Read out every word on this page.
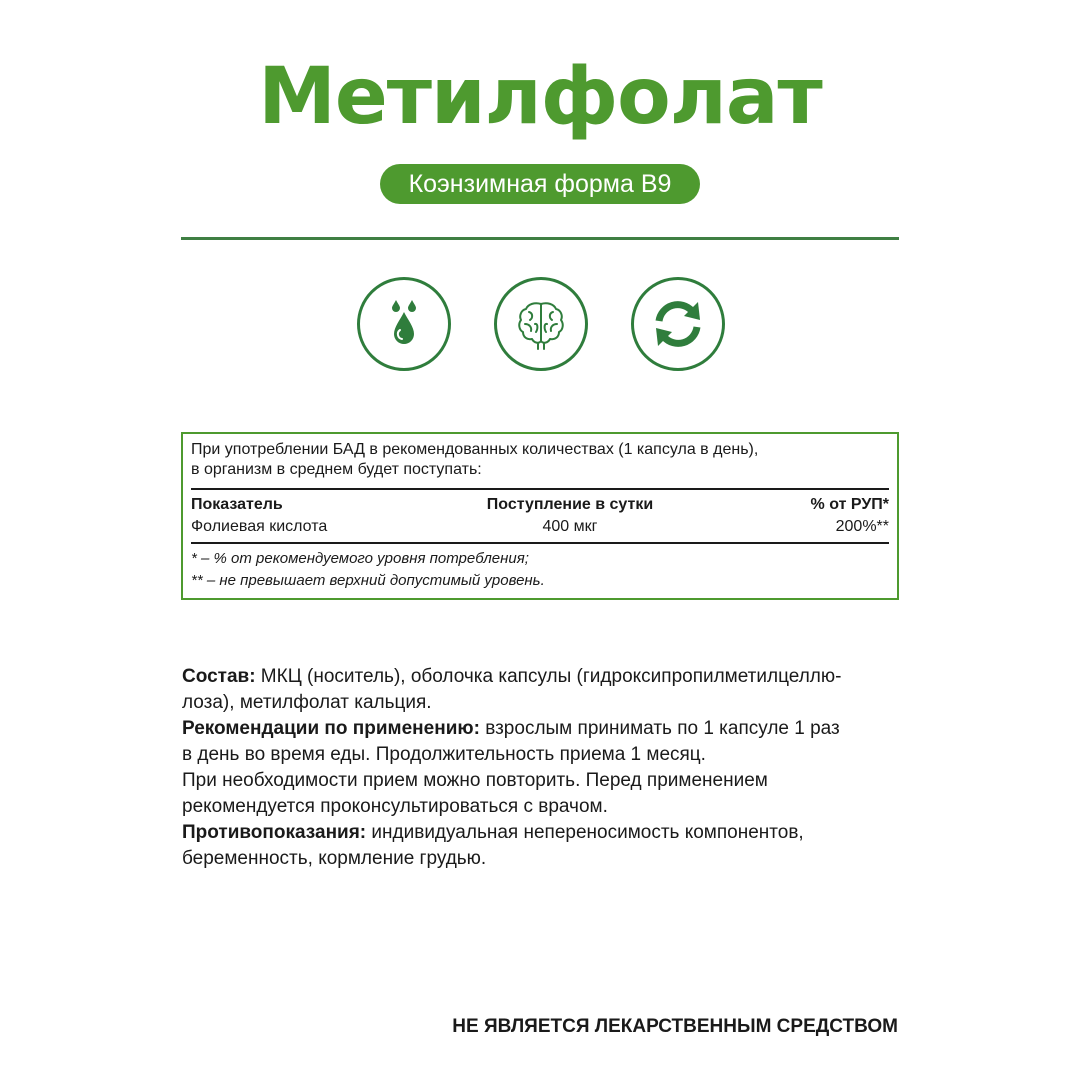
Метилфолат
Коэнзимная форма В9

При употреблении БАД в рекомендованных количествах (1 капсула в день),

в организм в среднем будет поступать:

Показатель	Поступление в сутки	% от РУП*
Фолиевая кислота	400 мкг	200%**
* – % от рекомендуемого уровня потребления;
** – не превышает верхний допустимый уровень.

Состав: МКЦ (носитель), оболочка капсулы (гидроксипропилметилцеллю-

лоза), метилфолат кальция.

Рекомендации по применению: взрослым принимать по 1 капсуле 1 раз

в день во время еды. Продолжительность приема 1 месяц.

При необходимости прием можно повторить. Перед применением

рекомендуется проконсультироваться с врачом.

Противопоказания: индивидуальная непереносимость компонентов,

беременность, кормление грудью.

НЕ ЯВЛЯЕТСЯ ЛЕКАРСТВЕННЫМ СРЕДСТВОМ
